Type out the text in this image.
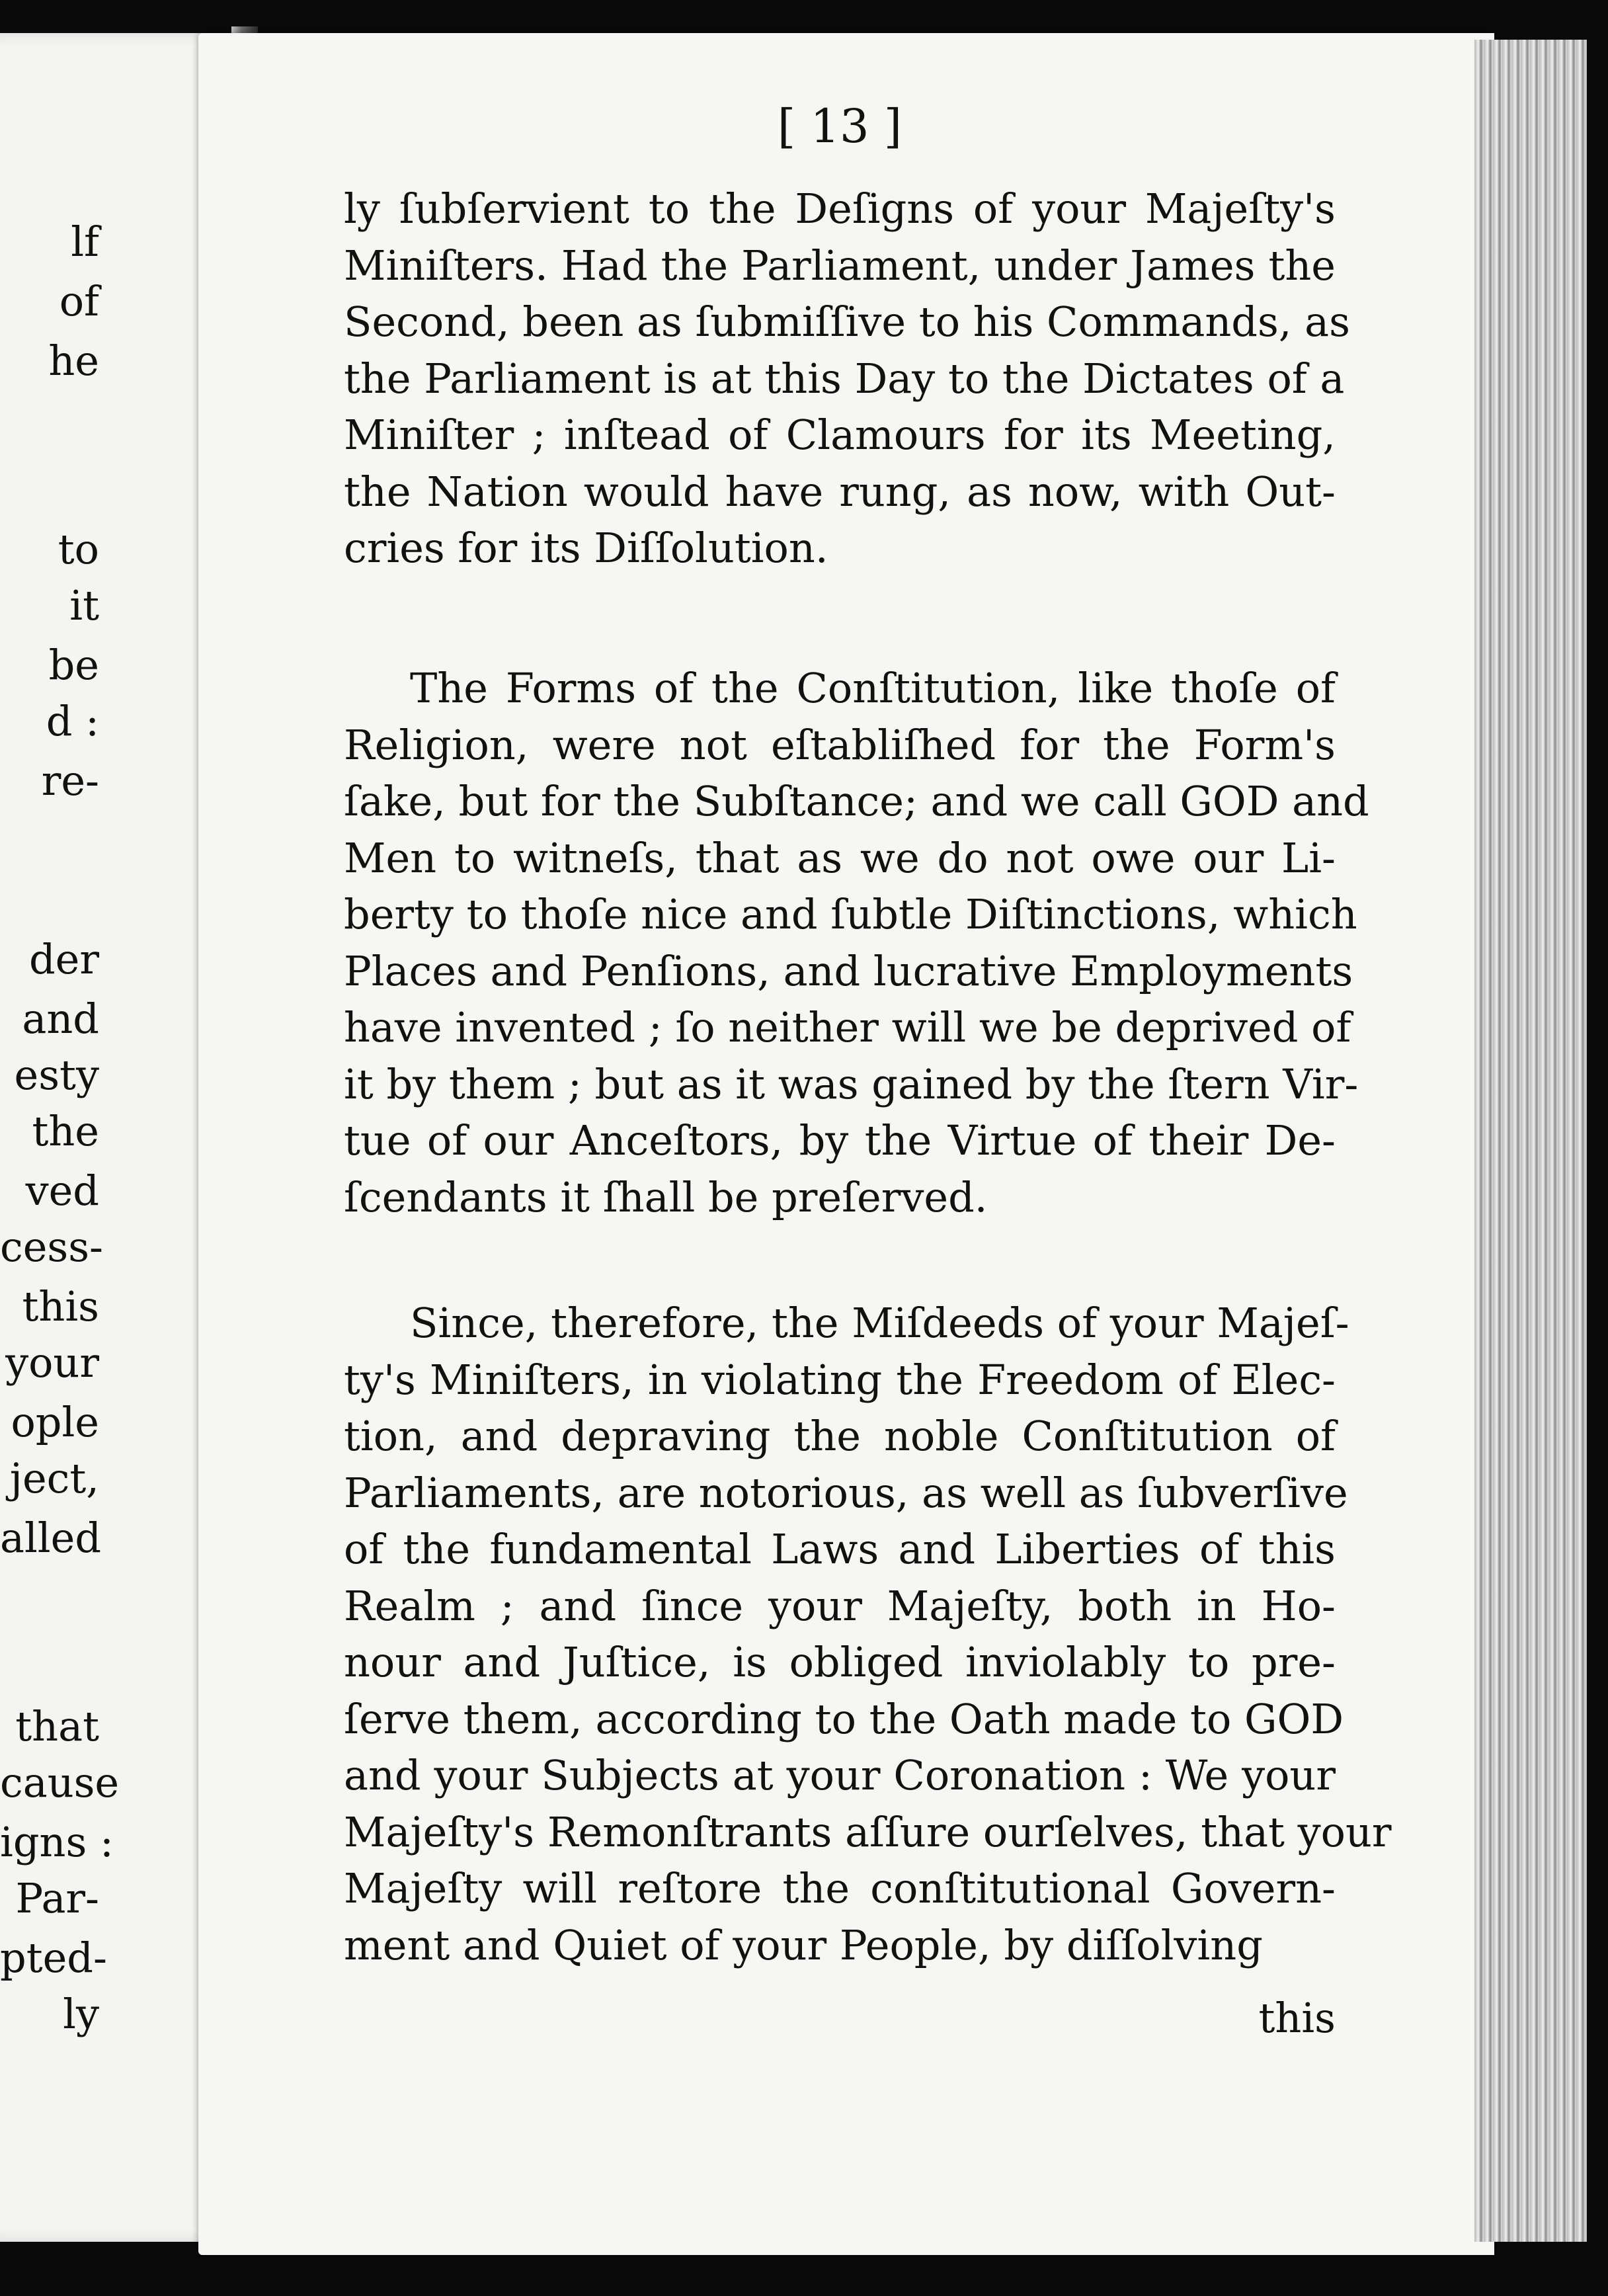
lf
of
he
to
it
be
d :
re-
der
and
esty
the
ved
cess-
this
your
ople
ject,
alled
that
cause
igns :
Par-
pted-
ly
[ 13 ]
ly ſubſervient to the Deſigns of your Majeſty's
Miniſters. Had the Parliament, under James the
Second, been as ſubmiſſive to his Commands, as
the Parliament is at this Day to the Dictates of a
Miniſter ; inſtead of Clamours for its Meeting,
the Nation would have rung, as now, with Out-
cries for its Diſſolution.
The Forms of the Conſtitution, like thoſe of
Religion, were not eſtabliſhed for the Form's
ſake, but for the Subſtance; and we call GOD and
Men to witneſs, that as we do not owe our Li-
berty to thoſe nice and ſubtle Diſtinctions, which
Places and Penſions, and lucrative Employments
have invented ; ſo neither will we be deprived of
it by them ; but as it was gained by the ſtern Vir-
tue of our Anceſtors, by the Virtue of their De-
ſcendants it ſhall be preſerved.
Since, therefore, the Miſdeeds of your Majeſ-
ty's Miniſters, in violating the Freedom of Elec-
tion, and depraving the noble Conſtitution of
Parliaments, are notorious, as well as ſubverſive
of the fundamental Laws and Liberties of this
Realm ; and ſince your Majeſty, both in Ho-
nour and Juſtice, is obliged inviolably to pre-
ſerve them, according to the Oath made to GOD
and your Subjects at your Coronation : We your
Majeſty's Remonſtrants aſſure ourſelves, that your
Majeſty will reſtore the conſtitutional Govern-
ment and Quiet of your People, by diſſolving
this
